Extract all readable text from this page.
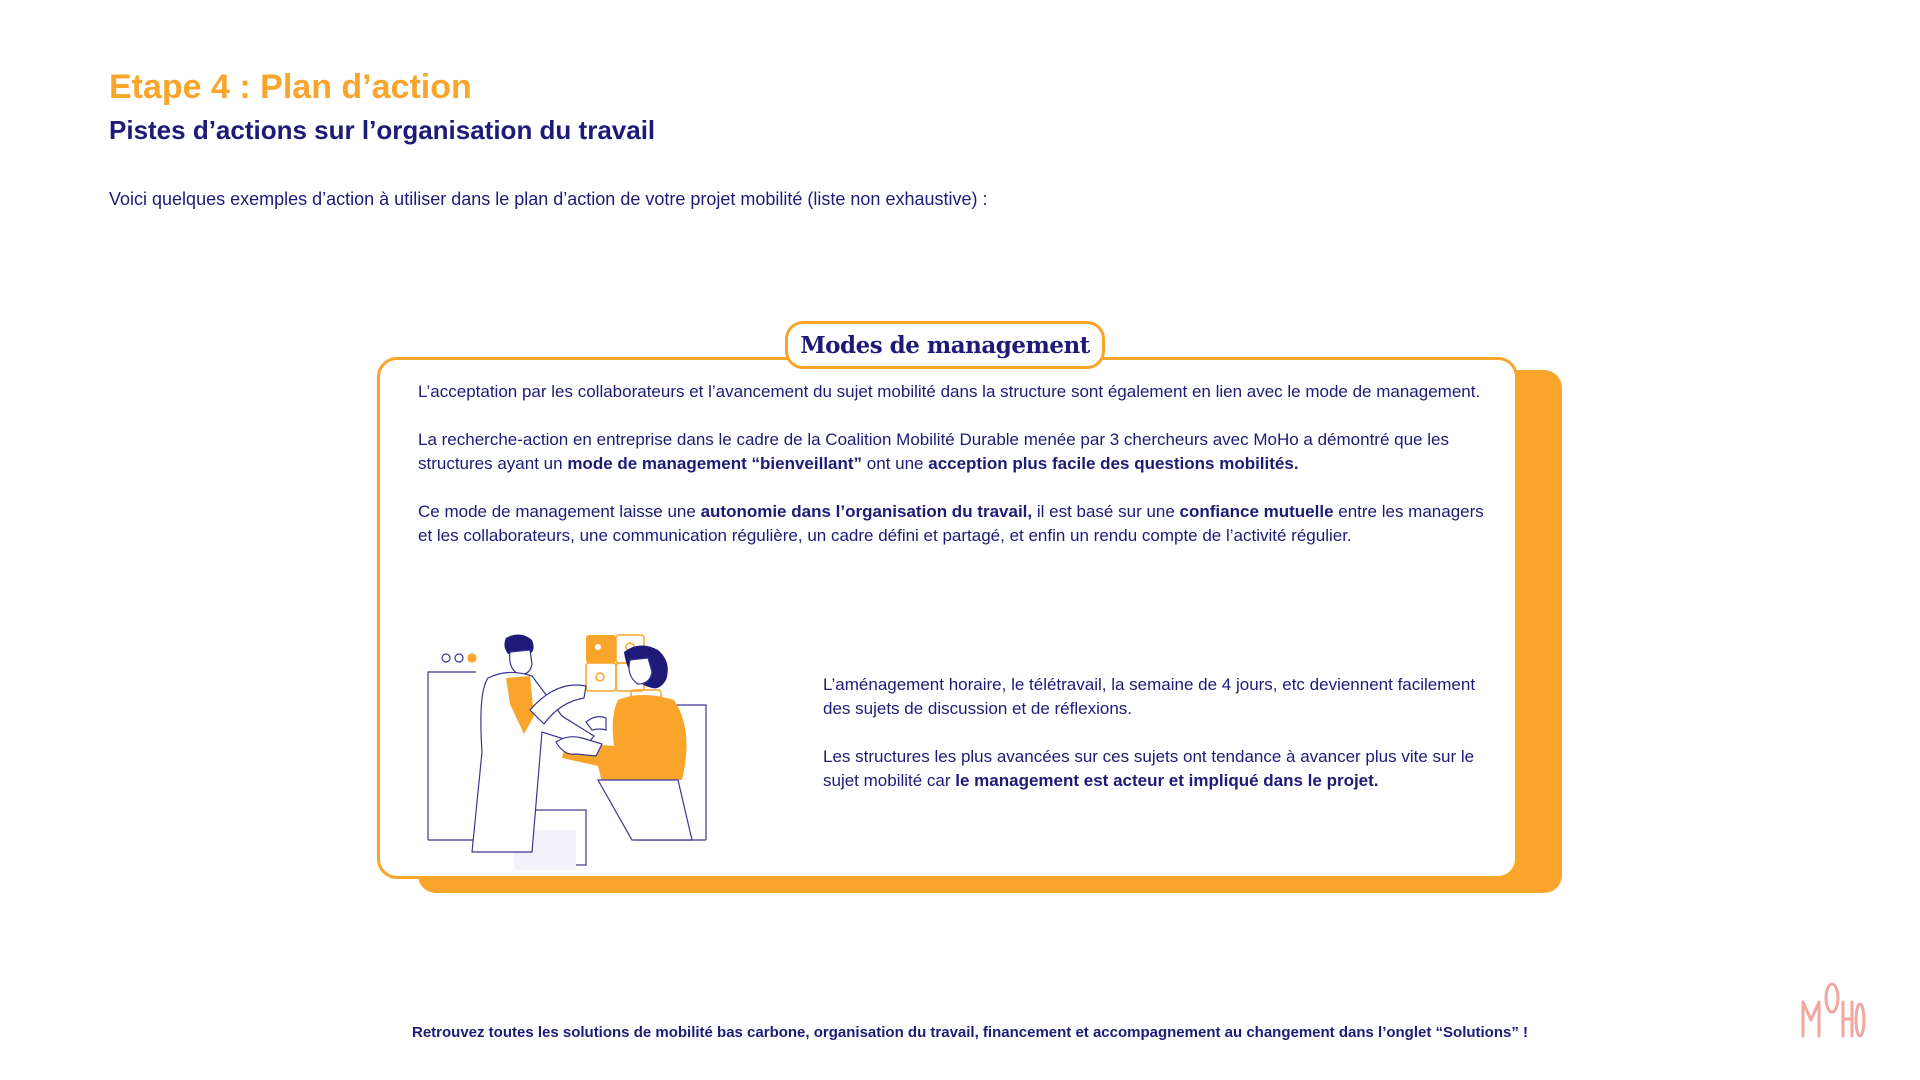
Etape 4 : Plan d’action
Pistes d’actions sur l’organisation du travail

Voici quelques exemples d’action à utiliser dans le plan d’action de votre projet mobilité (liste non exhaustive) :

Modes de management

L’acceptation par les collaborateurs et l’avancement du sujet mobilité dans la structure sont également en lien avec le mode de management.

La recherche-action en entreprise dans le cadre de la Coalition Mobilité Durable menée par 3 chercheurs avec MoHo a démontré que les structures ayant un mode de management “bienveillant” ont une acception plus facile des questions mobilités.

Ce mode de management laisse une autonomie dans l’organisation du travail, il est basé sur une confiance mutuelle entre les managers et les collaborateurs, une communication régulière, un cadre défini et partagé, et enfin un rendu compte de l’activité régulier.

L’aménagement horaire, le télétravail, la semaine de 4 jours, etc deviennent facilement des sujets de discussion et de réflexions.

Les structures les plus avancées sur ces sujets ont tendance à avancer plus vite sur le sujet mobilité car le management est acteur et impliqué dans le projet.

Retrouvez toutes les solutions de mobilité bas carbone, organisation du travail, financement et accompagnement au changement dans l’onglet “Solutions” !
